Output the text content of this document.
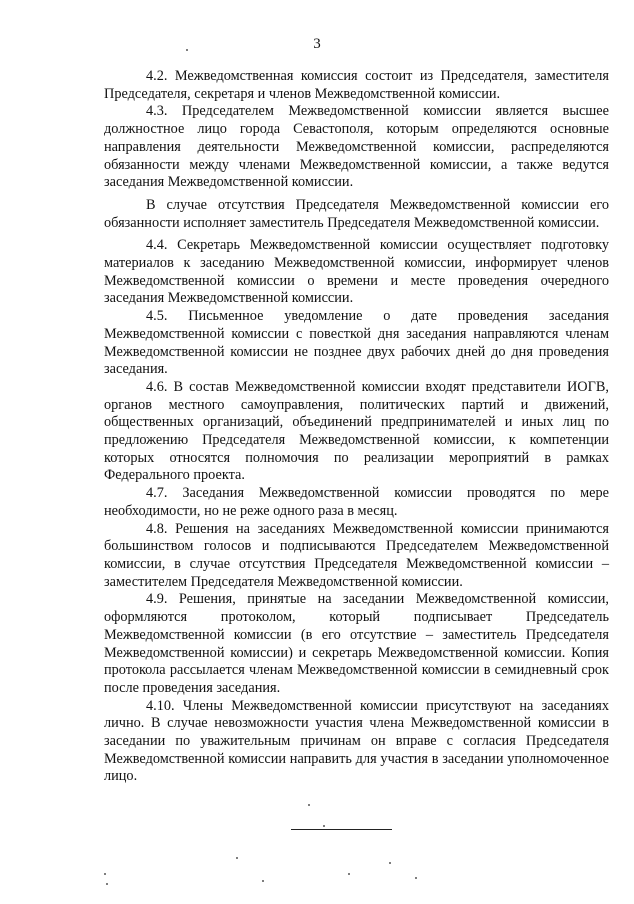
3

4.2. Межведомственная комиссия состоит из Председателя, заместителя Председателя, секретаря и членов Межведомственной комиссии.

4.3. Председателем Межведомственной комиссии является высшее должностное лицо города Севастополя, которым определяются основные направления деятельности Межведомственной комиссии, распределяются обязанности между членами Межведомственной комиссии, а также ведутся заседания Межведомственной комиссии.

В случае отсутствия Председателя Межведомственной комиссии его обязанности исполняет заместитель Председателя Межведомственной комиссии.

4.4. Секретарь Межведомственной комиссии осуществляет подготовку материалов к заседанию Межведомственной комиссии, информирует членов Межведомственной комиссии о времени и месте проведения очередного заседания Межведомственной комиссии.

4.5. Письменное уведомление о дате проведения заседания Межведомственной комиссии с повесткой дня заседания направляются членам Межведомственной комиссии не позднее двух рабочих дней до дня проведения заседания.

4.6. В состав Межведомственной комиссии входят представители ИОГВ, органов местного самоуправления, политических партий и движений, общественных организаций, объединений предпринимателей и иных лиц по предложению Председателя Межведомственной комиссии, к компетенции которых относятся полномочия по реализации мероприятий в рамках Федерального проекта.

4.7. Заседания Межведомственной комиссии проводятся по мере необходимости, но не реже одного раза в месяц.

4.8. Решения на заседаниях Межведомственной комиссии принимаются большинством голосов и подписываются Председателем Межведомственной комиссии, в случае отсутствия Председателя Межведомственной комиссии – заместителем Председателя Межведомственной комиссии.

4.9. Решения, принятые на заседании Межведомственной комиссии, оформляются протоколом, который подписывает Председатель Межведомственной комиссии (в его отсутствие – заместитель Председателя Межведомственной комиссии) и секретарь Межведомственной комиссии. Копия протокола рассылается членам Межведомственной комиссии в семидневный срок после проведения заседания.

4.10. Члены Межведомственной комиссии присутствуют на заседаниях лично. В случае невозможности участия члена Межведомственной комиссии в заседании по уважительным причинам он вправе с согласия Председателя Межведомственной комиссии направить для участия в заседании уполномоченное лицо.
